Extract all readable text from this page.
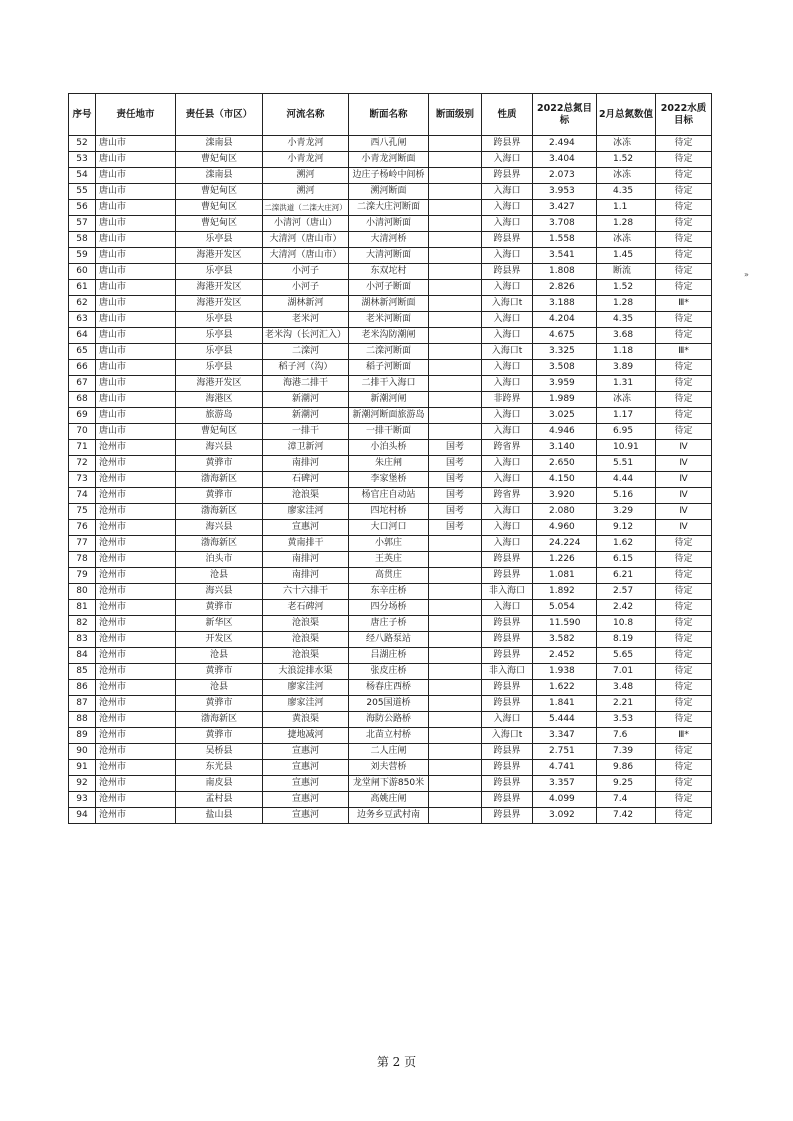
序号	责任地市	责任县（市区）	河流名称	断面名称	断面级别	性质	2022总氮目标	2月总氮数值	2022水质目标
52	唐山市	滦南县	小青龙河	西八孔闸		跨县界	2.494	冰冻	待定
53	唐山市	曹妃甸区	小青龙河	小青龙河断面		入海口	3.404	1.52	待定
54	唐山市	滦南县	溯河	边庄子杨岭中间桥		跨县界	2.073	冰冻	待定
55	唐山市	曹妃甸区	溯河	溯河断面		入海口	3.953	4.35	待定
56	唐山市	曹妃甸区	二滦洪道（二滦大庄河）	二滦大庄河断面		入海口	3.427	1.1	待定
57	唐山市	曹妃甸区	小清河（唐山）	小清河断面		入海口	3.708	1.28	待定
58	唐山市	乐亭县	大清河（唐山市）	大清河桥		跨县界	1.558	冰冻	待定
59	唐山市	海港开发区	大清河（唐山市）	大清河断面		入海口	3.541	1.45	待定
60	唐山市	乐亭县	小河子	东双坨村		跨县界	1.808	断流	待定
61	唐山市	海港开发区	小河子	小河子断面		入海口	2.826	1.52	待定
62	唐山市	海港开发区	湖林新河	湖林新河断面		入海口t	3.188	1.28	Ⅲ*
63	唐山市	乐亭县	老米河	老米河断面		入海口	4.204	4.35	待定
64	唐山市	乐亭县	老米沟（长河汇入）	老米沟防潮闸		入海口	4.675	3.68	待定
65	唐山市	乐亭县	二滦河	二滦河断面		入海口t	3.325	1.18	Ⅲ*
66	唐山市	乐亭县	稻子河（沟）	稻子河断面		入海口	3.508	3.89	待定
67	唐山市	海港开发区	海港二排干	二排干入海口		入海口	3.959	1.31	待定
68	唐山市	海港区	新潮河	新潮河闸		非跨界	1.989	冰冻	待定
69	唐山市	旅游岛	新潮河	新潮河断面旅游岛		入海口	3.025	1.17	待定
70	唐山市	曹妃甸区	一排干	一排干断面		入海口	4.946	6.95	待定
71	沧州市	海兴县	漳卫新河	小泊头桥	国考	跨省界	3.140	10.91	Ⅳ
72	沧州市	黄骅市	南排河	朱庄闸	国考	入海口	2.650	5.51	Ⅳ
73	沧州市	渤海新区	石碑河	李家堡桥	国考	入海口	4.150	4.44	Ⅳ
74	沧州市	黄骅市	沧浪渠	杨官庄自动站	国考	跨省界	3.920	5.16	Ⅳ
75	沧州市	渤海新区	廖家洼河	四坨村桥	国考	入海口	2.080	3.29	Ⅳ
76	沧州市	海兴县	宣惠河	大口河口	国考	入海口	4.960	9.12	Ⅳ
77	沧州市	渤海新区	黄南排干	小郭庄		入海口	24.224	1.62	待定
78	沧州市	泊头市	南排河	王英庄		跨县界	1.226	6.15	待定
79	沧州市	沧县	南排河	高贯庄		跨县界	1.081	6.21	待定
80	沧州市	海兴县	六十六排干	东辛庄桥		非入海口	1.892	2.57	待定
81	沧州市	黄骅市	老石碑河	四分场桥		入海口	5.054	2.42	待定
82	沧州市	新华区	沧浪渠	唐庄子桥		跨县界	11.590	10.8	待定
83	沧州市	开发区	沧浪渠	经八路泵站		跨县界	3.582	8.19	待定
84	沧州市	沧县	沧浪渠	吕湖庄桥		跨县界	2.452	5.65	待定
85	沧州市	黄骅市	大浪淀排水渠	张皮庄桥		非入海口	1.938	7.01	待定
86	沧州市	沧县	廖家洼河	杨春庄西桥		跨县界	1.622	3.48	待定
87	沧州市	黄骅市	廖家洼河	205国道桥		跨县界	1.841	2.21	待定
88	沧州市	渤海新区	黄浪渠	海防公路桥		入海口	5.444	3.53	待定
89	沧州市	黄骅市	捷地减河	北苗立村桥		入海口t	3.347	7.6	Ⅲ*
90	沧州市	吴桥县	宣惠河	二人庄闸		跨县界	2.751	7.39	待定
91	沧州市	东光县	宣惠河	刘夫营桥		跨县界	4.741	9.86	待定
92	沧州市	南皮县	宣惠河	龙堂闸下游850米		跨县界	3.357	9.25	待定
93	沧州市	孟村县	宣惠河	高姚庄闸		跨县界	4.099	7.4	待定
94	沧州市	盐山县	宣惠河	边务乡豆武村南		跨县界	3.092	7.42	待定
第 2 页
»
